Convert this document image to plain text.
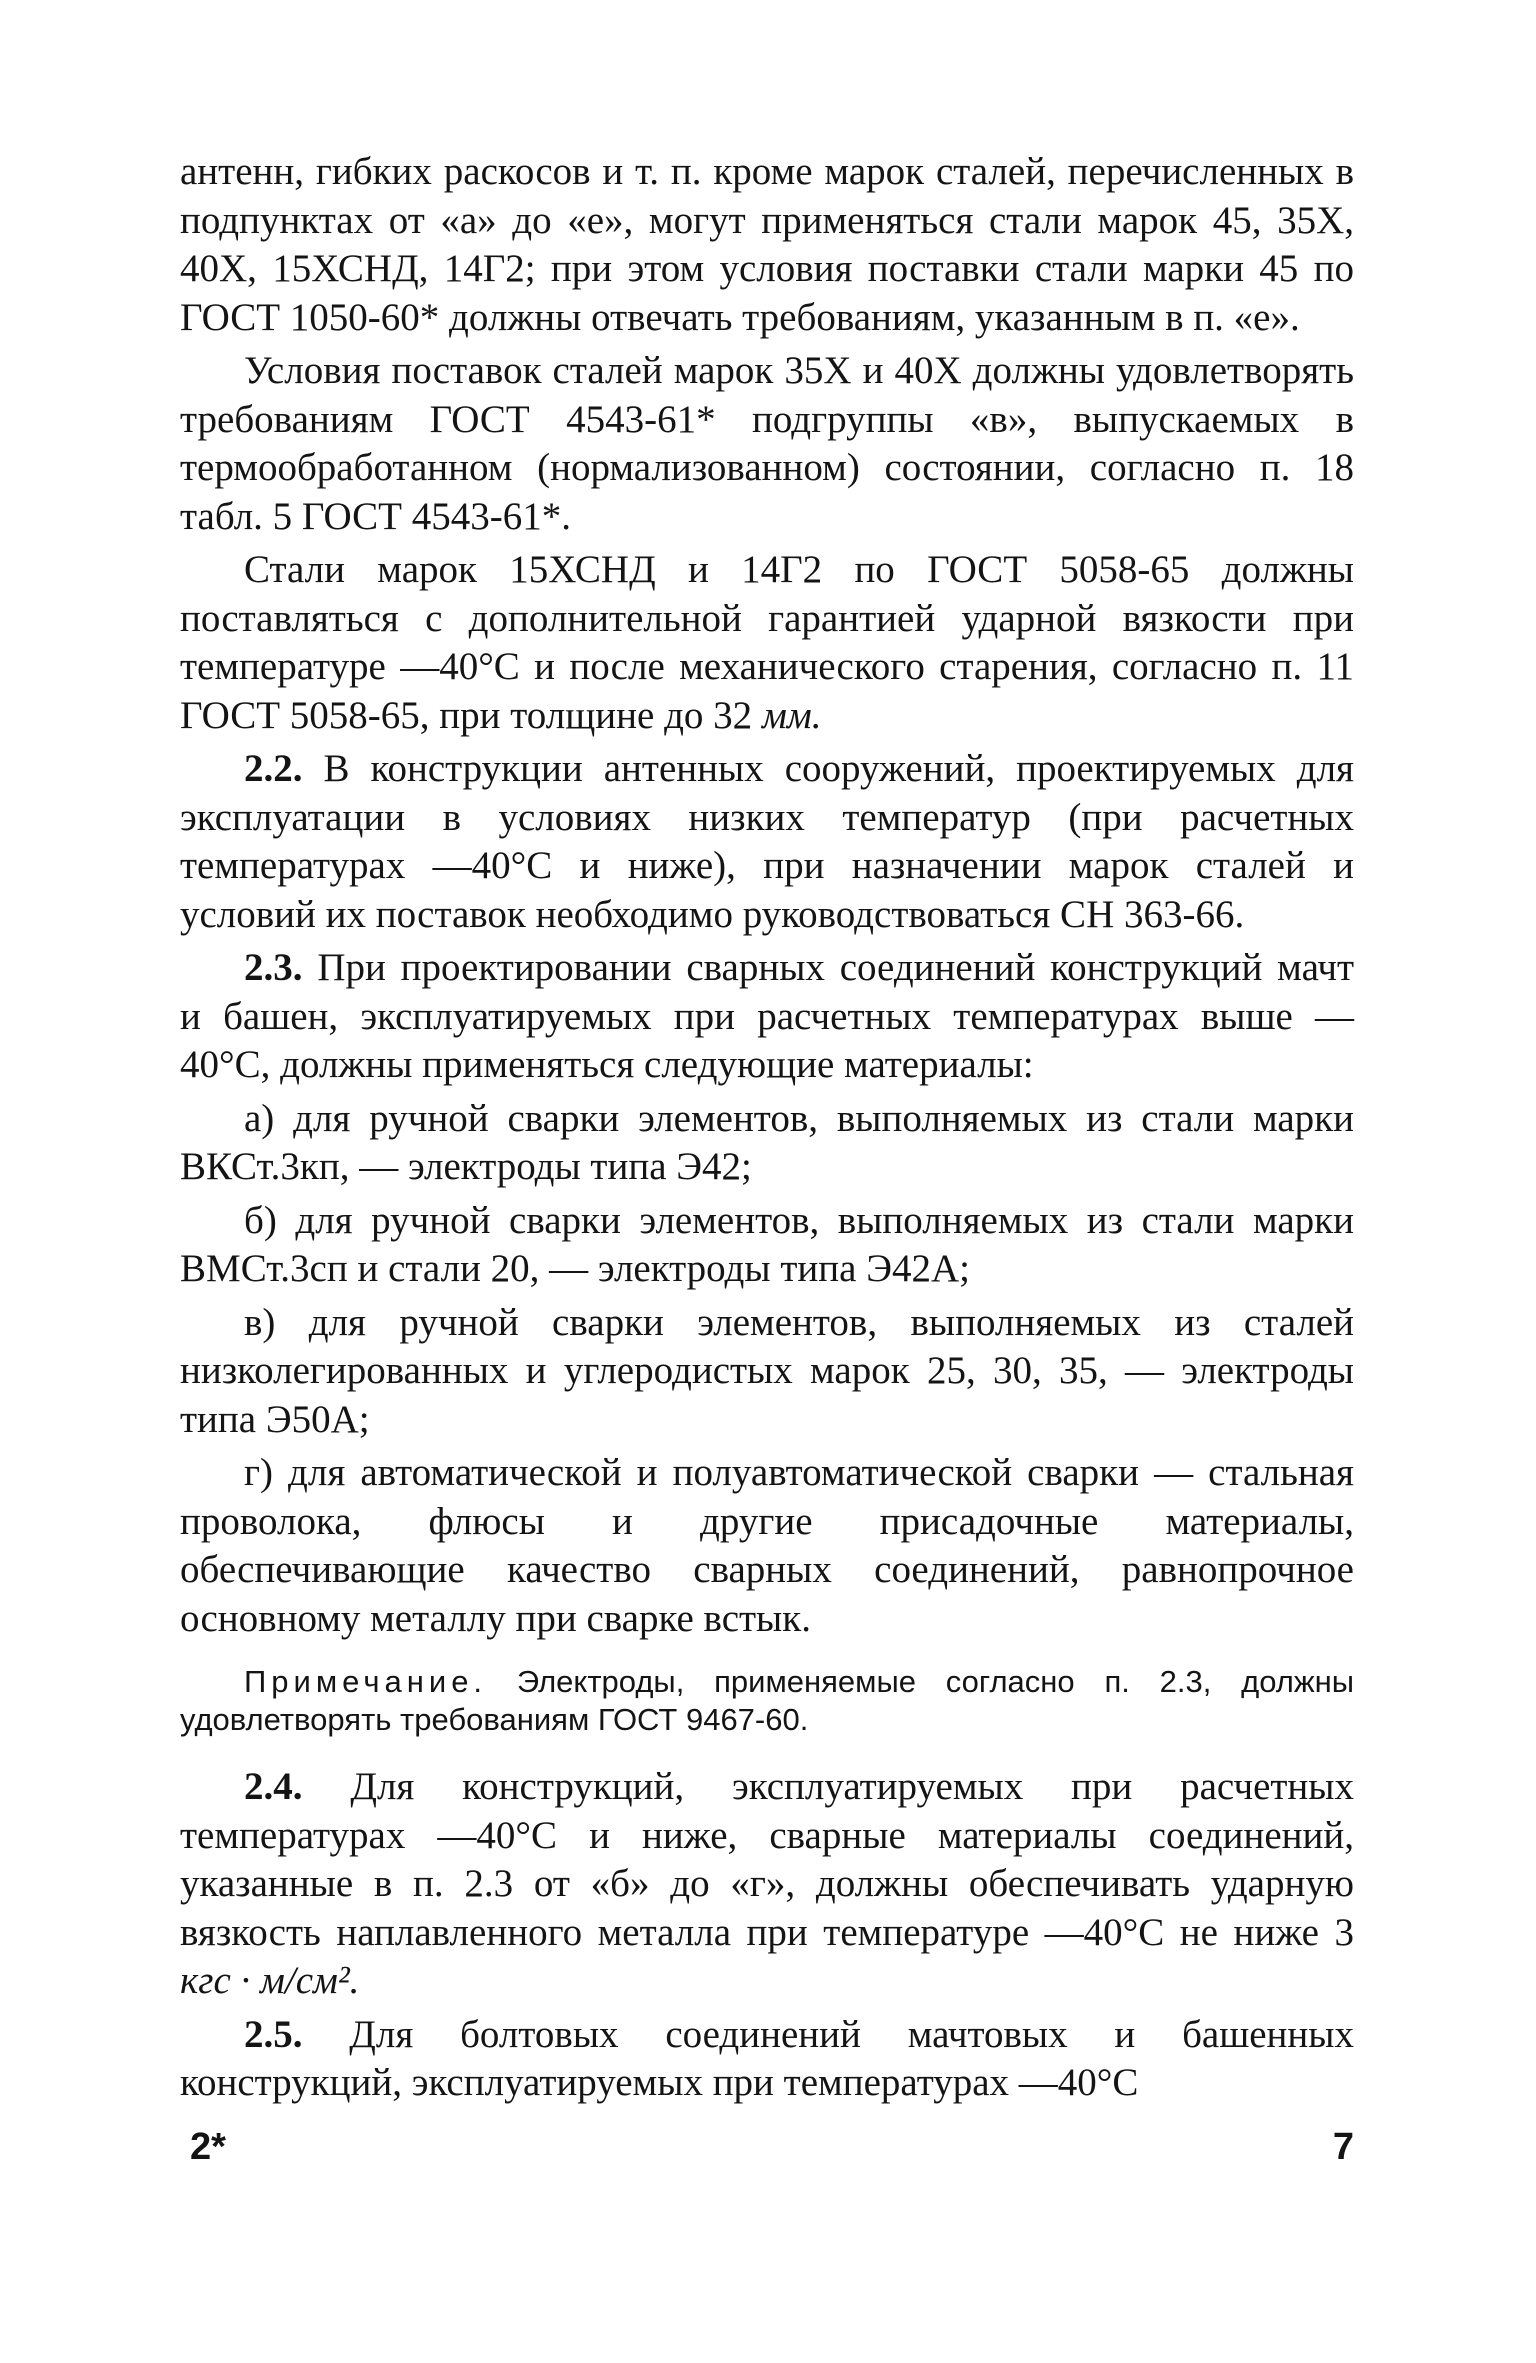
антенн, гибких раскосов и т. п. кроме марок сталей, перечисленных в подпунктах от «а» до «е», могут применяться стали марок 45, 35Х, 40Х, 15ХСНД, 14Г2; при этом условия поставки стали марки 45 по ГОСТ 1050-60* должны отвечать требованиям, указанным в п. «е».

Условия поставок сталей марок 35Х и 40Х должны удовлетворять требованиям ГОСТ 4543-61* подгруппы «в», выпускаемых в термообработанном (нормализованном) состоянии, согласно п. 18 табл. 5 ГОСТ 4543-61*.

Стали марок 15ХСНД и 14Г2 по ГОСТ 5058-65 должны поставляться с дополнительной гарантией ударной вязкости при температуре —40°С и после механического старения, согласно п. 11 ГОСТ 5058-65, при толщине до 32 мм.

2.2. В конструкции антенных сооружений, проектируемых для эксплуатации в условиях низких температур (при расчетных температурах —40°С и ниже), при назначении марок сталей и условий их поставок необходимо руководствоваться СН 363-66.

2.3. При проектировании сварных соединений конструкций мачт и башен, эксплуатируемых при расчетных температурах выше —40°С, должны применяться следующие материалы:

а) для ручной сварки элементов, выполняемых из стали марки ВКСт.3кп, — электроды типа Э42;

б) для ручной сварки элементов, выполняемых из стали марки ВМСт.3сп и стали 20, — электроды типа Э42А;

в) для ручной сварки элементов, выполняемых из сталей низколегированных и углеродистых марок 25, 30, 35, — электроды типа Э50А;

г) для автоматической и полуавтоматической сварки — стальная проволока, флюсы и другие присадочные материалы, обеспечивающие качество сварных соединений, равнопрочное основному металлу при сварке встык.

Примечание. Электроды, применяемые согласно п. 2.3, должны удовлетворять требованиям ГОСТ 9467-60.

2.4. Для конструкций, эксплуатируемых при расчетных температурах —40°С и ниже, сварные материалы соединений, указанные в п. 2.3 от «б» до «г», должны обеспечивать ударную вязкость наплавленного металла при температуре —40°С не ниже 3 кгс · м/см².

2.5. Для болтовых соединений мачтовых и башенных конструкций, эксплуатируемых при температурах —40°С

2*	7
